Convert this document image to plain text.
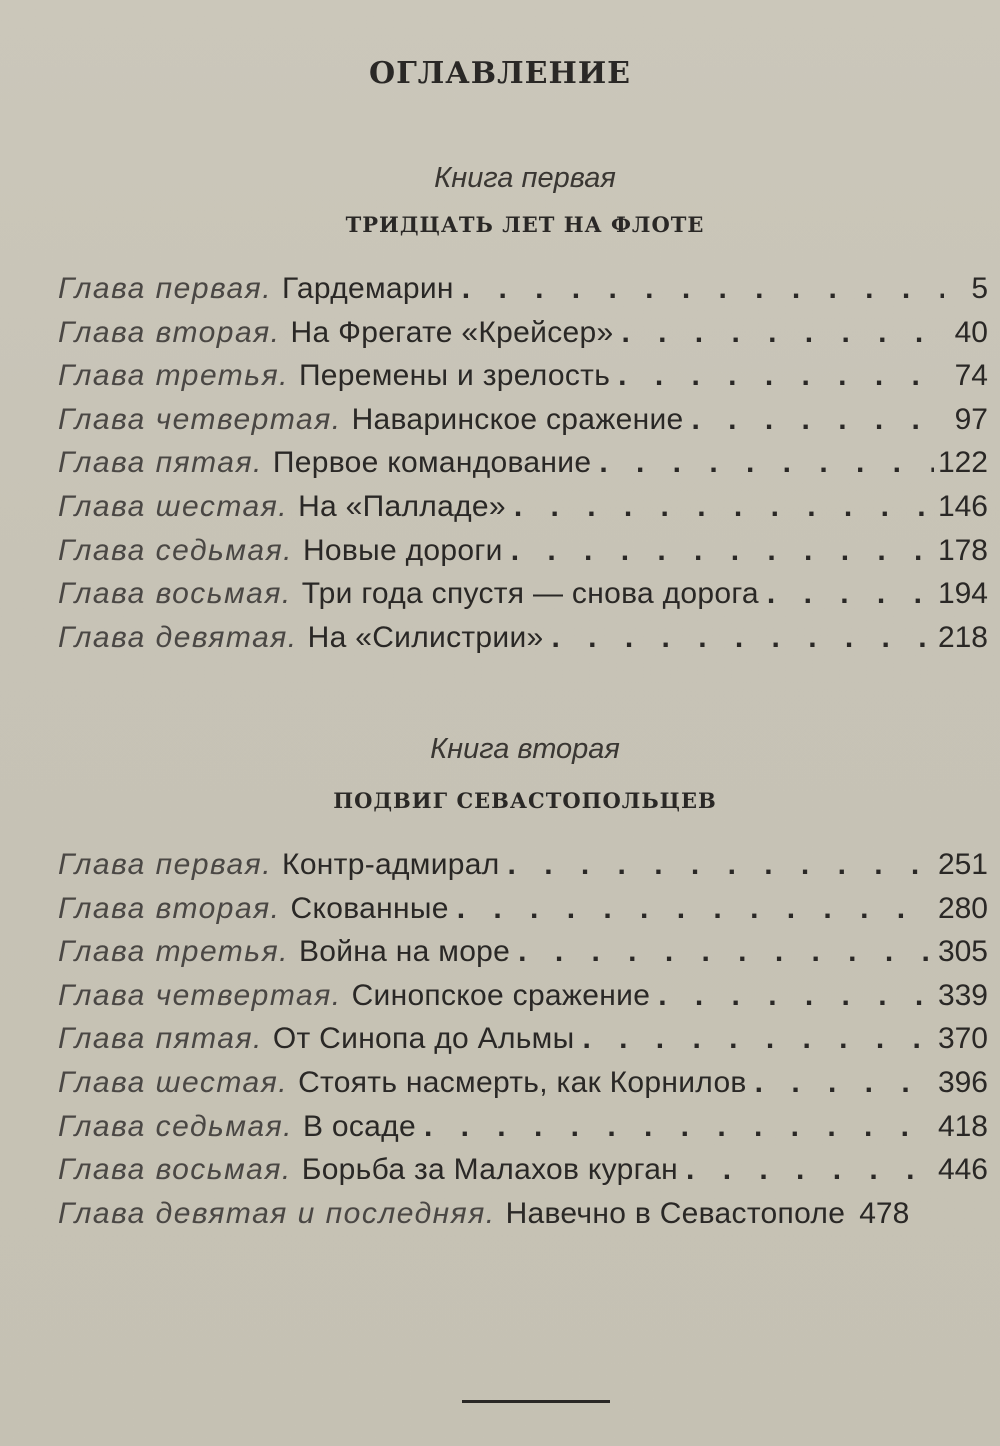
ОГЛАВЛЕНИЕ
Книга первая
ТРИДЦАТЬ ЛЕТ НА ФЛОТЕ
Глава первая. Гардемарин . . .	5
Глава вторая. На Фрегате «Крейсер» . . .	40
Глава третья. Перемены и зрелость . . .	74
Глава четвертая. Наваринское сражение . . .	97
Глава пятая. Первое командование . . .	122
Глава шестая. На «Палладе» . . .	146
Глава седьмая. Новые дороги . . .	178
Глава восьмая. Три года спустя — снова дорога . . .	194
Глава девятая. На «Силистрии» . . .	218
Книга вторая
ПОДВИГ СЕВАСТОПОЛЬЦЕВ
Глава первая. Контр-адмирал . . .	251
Глава вторая. Скованные . . .	280
Глава третья. Война на море . . .	305
Глава четвертая. Синопское сражение . . .	339
Глава пятая. От Синопа до Альмы . . .	370
Глава шестая. Стоять насмерть, как Корнилов . . .	396
Глава седьмая. В осаде . . .	418
Глава восьмая. Борьба за Малахов курган . . .	446
Глава девятая и последняя. Навечно в Севастополе 478
